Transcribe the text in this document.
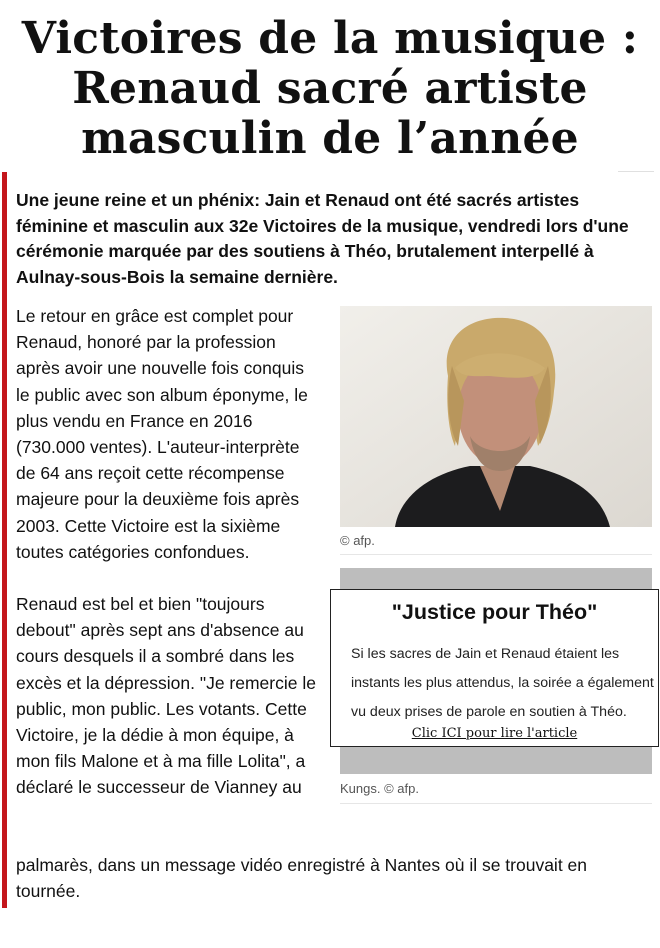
Victoires de la musique :
Renaud sacré artiste
masculin de l’année
Une jeune reine et un phénix: Jain et Renaud ont été sacrés artistes féminine et masculin aux 32e Victoires de la musique, vendredi lors d'une cérémonie marquée par des soutiens à Théo, brutalement interpellé à Aulnay-sous-Bois la semaine dernière.

Le retour en grâce est complet pour Renaud, honoré par la profession après avoir une nouvelle fois conquis le public avec son album éponyme, le plus vendu en France en 2016 (730.000 ventes). L'auteur-interprète de 64 ans reçoit cette récompense majeure pour la deuxième fois après 2003. Cette Victoire est la sixième toutes catégories confondues.

Renaud est bel et bien "toujours debout" après sept ans d'absence au cours desquels il a sombré dans les excès et la dépression. "Je remercie le public, mon public. Les votants. Cette Victoire, je la dédie à mon équipe, à mon fils Malone et à ma fille Lolita", a déclaré le successeur de Vianney au

palmarès, dans un message vidéo enregistré à Nantes où il se trouvait en tournée.
© afp.
Kungs. © afp.
"Justice pour Théo"
Si les sacres de Jain et Renaud étaient les
instants les plus attendus, la soirée a également
vu deux prises de parole en soutien à Théo.
Clic ICI pour lire l'article
